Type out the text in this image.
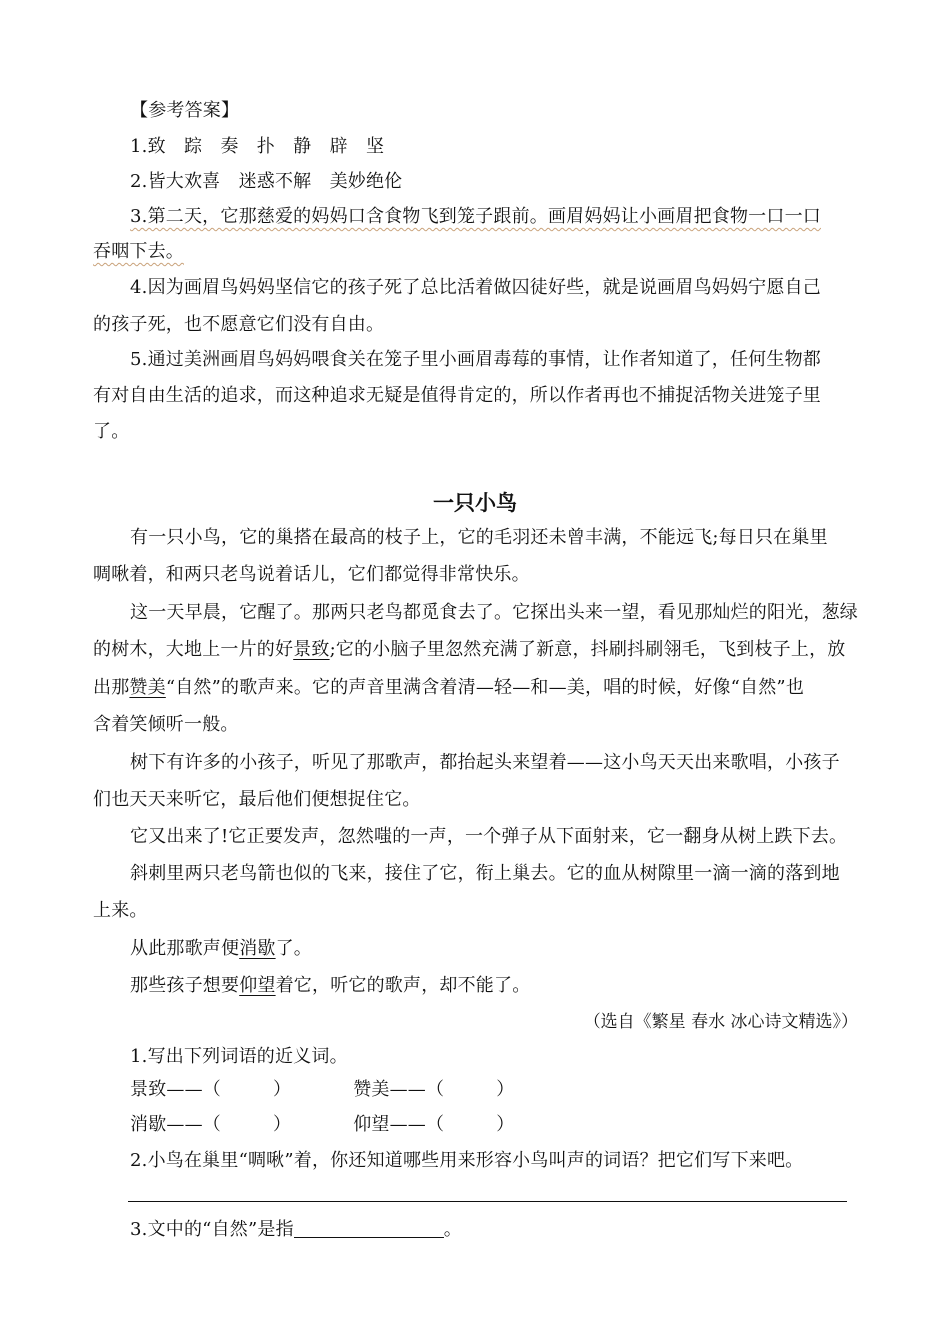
【参考答案】
1.致　踪　奏　扑　静　辟　坚
2.皆大欢喜　迷惑不解　美妙绝伦
3.第二天，它那慈爱的妈妈口含食物飞到笼子跟前。画眉妈妈让小画眉把食物一口一口
吞咽下去。
4.因为画眉鸟妈妈坚信它的孩子死了总比活着做囚徒好些，就是说画眉鸟妈妈宁愿自己
的孩子死，也不愿意它们没有自由。
5.通过美洲画眉鸟妈妈喂食关在笼子里小画眉毒莓的事情，让作者知道了，任何生物都
有对自由生活的追求，而这种追求无疑是值得肯定的，所以作者再也不捕捉活物关进笼子里
了。
一只小鸟
有一只小鸟，它的巢搭在最高的枝子上，它的毛羽还未曾丰满，不能远飞;每日只在巢里
啁啾着，和两只老鸟说着话儿，它们都觉得非常快乐。
这一天早晨，它醒了。那两只老鸟都觅食去了。它探出头来一望，看见那灿烂的阳光，葱绿
的树木，大地上一片的好景致;它的小脑子里忽然充满了新意，抖刷抖刷翎毛，飞到枝子上，放
出那赞美“自然”的歌声来。它的声音里满含着清—轻—和—美，唱的时候，好像“自然”也
含着笑倾听一般。
树下有许多的小孩子，听见了那歌声，都抬起头来望着——这小鸟天天出来歌唱，小孩子
们也天天来听它，最后他们便想捉住它。
它又出来了!它正要发声，忽然嗤的一声，一个弹子从下面射来，它一翻身从树上跌下去。
斜刺里两只老鸟箭也似的飞来，接住了它，衔上巢去。它的血从树隙里一滴一滴的落到地
上来。
从此那歌声便消歇了。
那些孩子想要仰望着它，听它的歌声，却不能了。
（选自《繁星 春水 冰心诗文精选》）
1.写出下列词语的近义词。
景致——（	）	赞美——（	）
消歇——（	）	仰望——（	）
2.小鸟在巢里“啁啾”着，你还知道哪些用来形容小鸟叫声的词语？把它们写下来吧。
3.文中的“自然”是指	。
